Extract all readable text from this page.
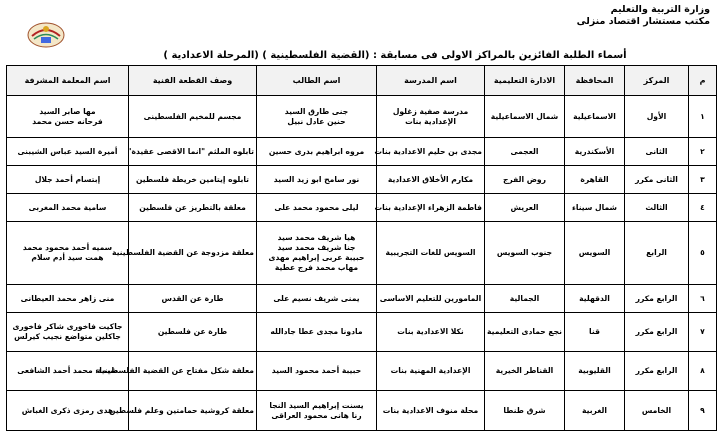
وزارة التربية والتعليم
مكتب مستشار اقتصاد منزلى
أسماء الطلبة الفائزين بالمراكز الاولى فى مسابقة : (القضية الفلسطينية ) (المرحلة الاعدادية )
م	المركز	المحافظة	الادارة التعليمية	اسم المدرسة	اسم الطالب	وصف القطعة الفنية	اسم المعلمة المشرفة
١	الأول	الاسماعيلية	شمال الاسماعيلية	مدرسة صفية زغلول
الإعدادية بنات	جنى طارق السيد
حنين عادل نبيل	مجسم للمخيم الفلسطينى	مها صابر السيد
فرحانه حسن محمد

٢	الثانى	الأسكندرية	العجمى	مجدى بن حليم الاعدادية بنات	مروه ابراهيم بدرى حسين	تابلوه الملثم "انما الاقصى عقيدة"	أميرة السيد عباس الشيبنى

٣	الثانى مكرر	القاهرة	روض الفرج	مكارم الأخلاق الاعدادية	نور سامح ابو زيد السيد	تابلوه إيتامين خريطة فلسطين	إبتسام أحمد جلال

٤	الثالث	شمال سيناء	العريش	فاطمة الزهراء الإعدادية بنات	ليلى محمود محمد على	معلقة بالتطريز عن فلسطين	سامية محمد المغربى

٥	الرابع	السويس	جنوب السويس	السويس للغات التجريبية	هيا شريف محمد سيد
جنا شريف محمد سيد
حبيبة عربى إبراهيم مهدى
مهاب محمد فرج عطية	معلقة مزدوجة عن القضية الفلسطينية	سميه أحمد محمود محمد
همت سيد أدم سلام

٦	الرابع مكرر	الدقهلية	الجمالية	المامورين للتعليم الاساسى	يمنى شريف نسيم على	طارة عن القدس	منى زاهر محمد العيطانى

٧	الرابع مكرر	قنا	نجع حمادى التعليمية	نكلا الاعدادية بنات	مادونا مجدى عطا جادالله	طارة عن فلسطين	جاكيت فاخورى شاكر فاخورى
جاكلين متواضع نجيب كيرلس

٨	الرابع مكرر	القليوبية	القناطر الخيرية	الإعدادية المهنية بنات	حبيبة أحمد محمود السيد	معلقة شكل مفتاح عن القضية الفلسطينية	شيماء محمد أحمد الشافعى

٩	الخامس	الغربية	شرق طنطا	محلة منوف الاعدادية بنات	يسنت إبراهيم السيد النجا
رنا هانى محمود العراقى	معلقة كروشية حمامتين وعلم فلسطين	هدى رمزى ذكرى الغباش
